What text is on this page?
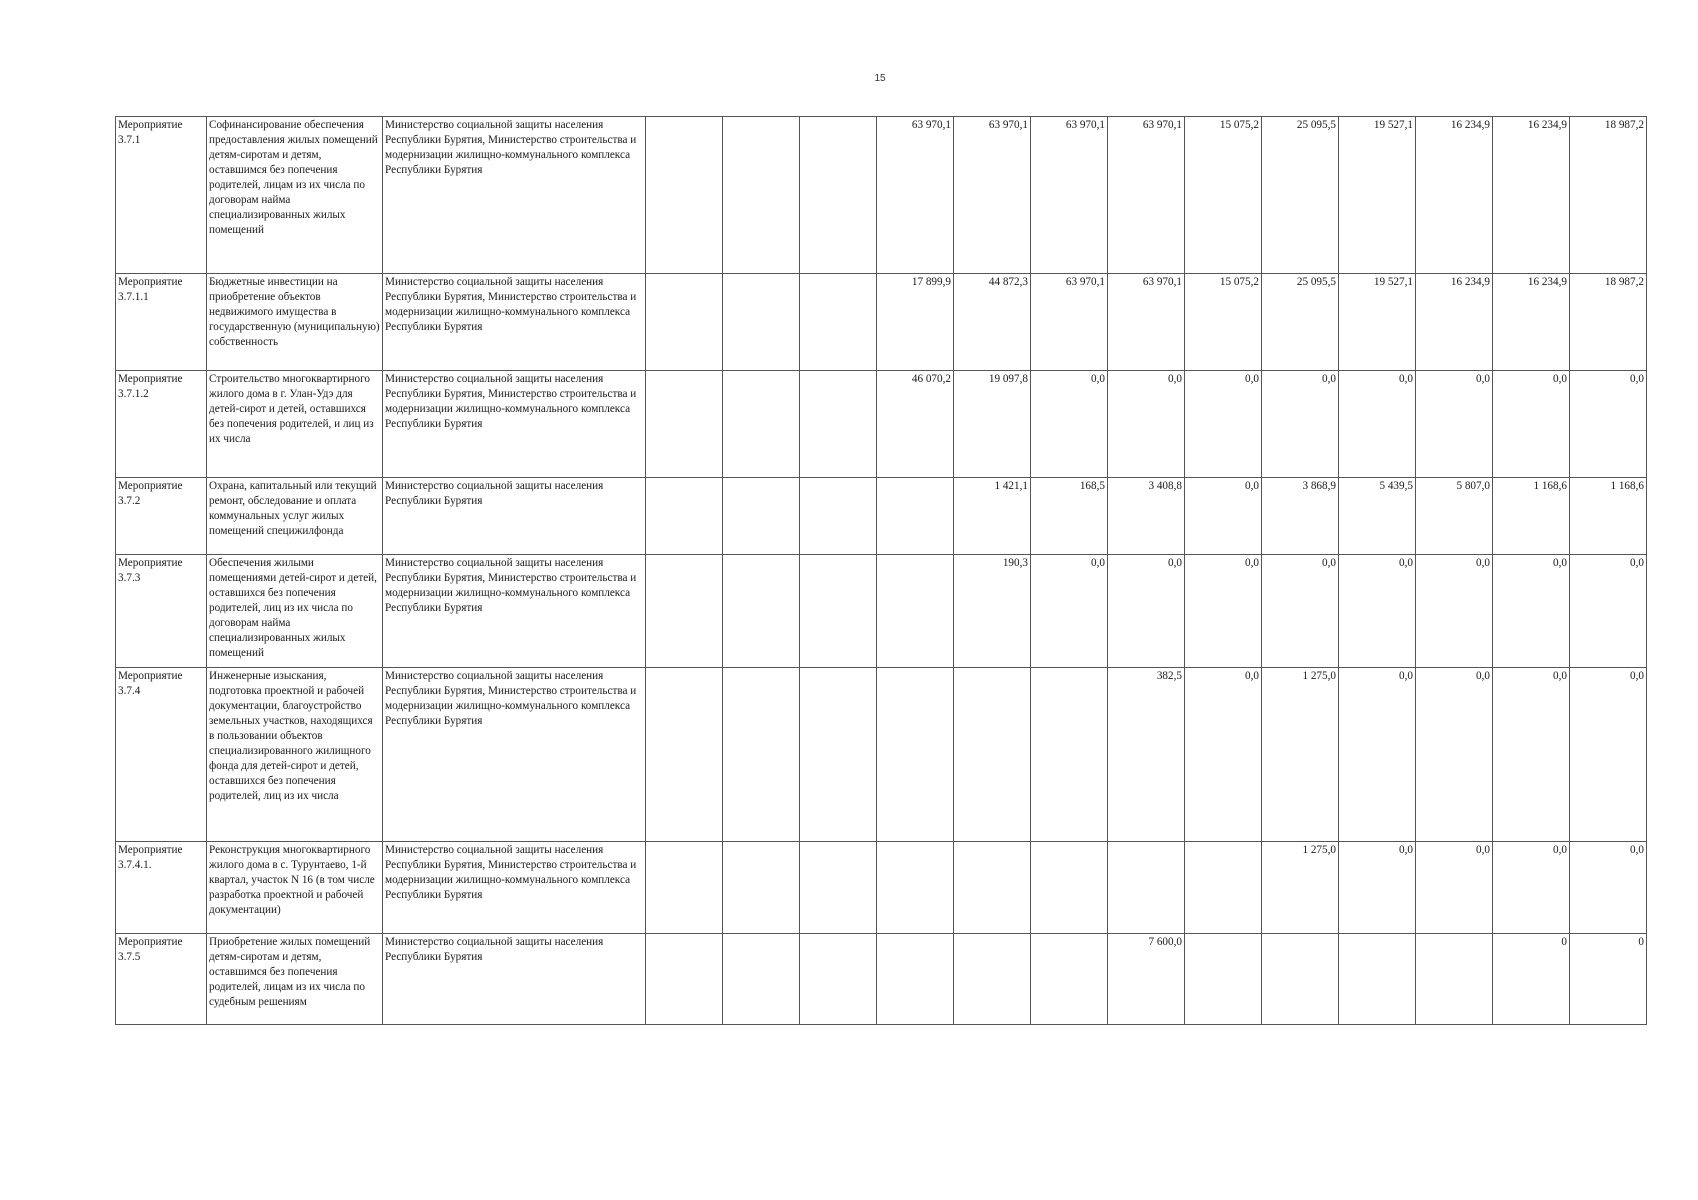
15
Мероприятие 3.7.1	Софинансирование обеспечения предоставления жилых помещений детям-сиротам и детям, оставшимся без попечения родителей, лицам из их числа по договорам найма специализированных жилых помещений	Министерство социальной защиты населения Республики Бурятия, Министерство строительства и модернизации жилищно-коммунального комплекса Республики Бурятия				63 970,1	63 970,1	63 970,1	63 970,1	15 075,2	25 095,5	19 527,1	16 234,9	16 234,9	18 987,2
Мероприятие 3.7.1.1	Бюджетные инвестиции на приобретение объектов недвижимого имущества в государственную (муниципальную) собственность	Министерство социальной защиты населения Республики Бурятия, Министерство строительства и модернизации жилищно-коммунального комплекса Республики Бурятия				17 899,9	44 872,3	63 970,1	63 970,1	15 075,2	25 095,5	19 527,1	16 234,9	16 234,9	18 987,2
Мероприятие 3.7.1.2	Строительство многоквартирного жилого дома в г. Улан-Удэ для детей-сирот и детей, оставшихся без попечения родителей, и лиц из их числа	Министерство социальной защиты населения Республики Бурятия, Министерство строительства и модернизации жилищно-коммунального комплекса Республики Бурятия				46 070,2	19 097,8	0,0	0,0	0,0	0,0	0,0	0,0	0,0	0,0
Мероприятие 3.7.2	Охрана, капитальный или текущий ремонт, обследование и оплата коммунальных услуг жилых помещений специжилфонда	Министерство социальной защиты населения Республики Бурятия					1 421,1	168,5	3 408,8	0,0	3 868,9	5 439,5	5 807,0	1 168,6	1 168,6
Мероприятие 3.7.3	Обеспечения жилыми помещениями детей-сирот и детей, оставшихся без попечения родителей, лиц из их числа по договорам найма специализированных жилых помещений	Министерство социальной защиты населения Республики Бурятия, Министерство строительства и модернизации жилищно-коммунального комплекса Республики Бурятия					190,3	0,0	0,0	0,0	0,0	0,0	0,0	0,0	0,0
Мероприятие 3.7.4	Инженерные изыскания, подготовка проектной и рабочей документации, благоустройство земельных участков, находящихся в пользовании объектов специализированного жилищного фонда для детей-сирот и детей, оставшихся без попечения родителей, лиц из их числа	Министерство социальной защиты населения Республики Бурятия, Министерство строительства и модернизации жилищно-коммунального комплекса Республики Бурятия							382,5	0,0	1 275,0	0,0	0,0	0,0	0,0
Мероприятие 3.7.4.1.	Реконструкция многоквартирного жилого дома в с. Турунтаево, 1-й квартал, участок N 16 (в том числе разработка проектной и рабочей документации)	Министерство социальной защиты населения Республики Бурятия, Министерство строительства и модернизации жилищно-коммунального комплекса Республики Бурятия									1 275,0	0,0	0,0	0,0	0,0
Мероприятие 3.7.5	Приобретение жилых помещений детям-сиротам и детям, оставшимся без попечения родителей, лицам из их числа по судебным решениям	Министерство социальной защиты населения Республики Бурятия							7 600,0					0	0
